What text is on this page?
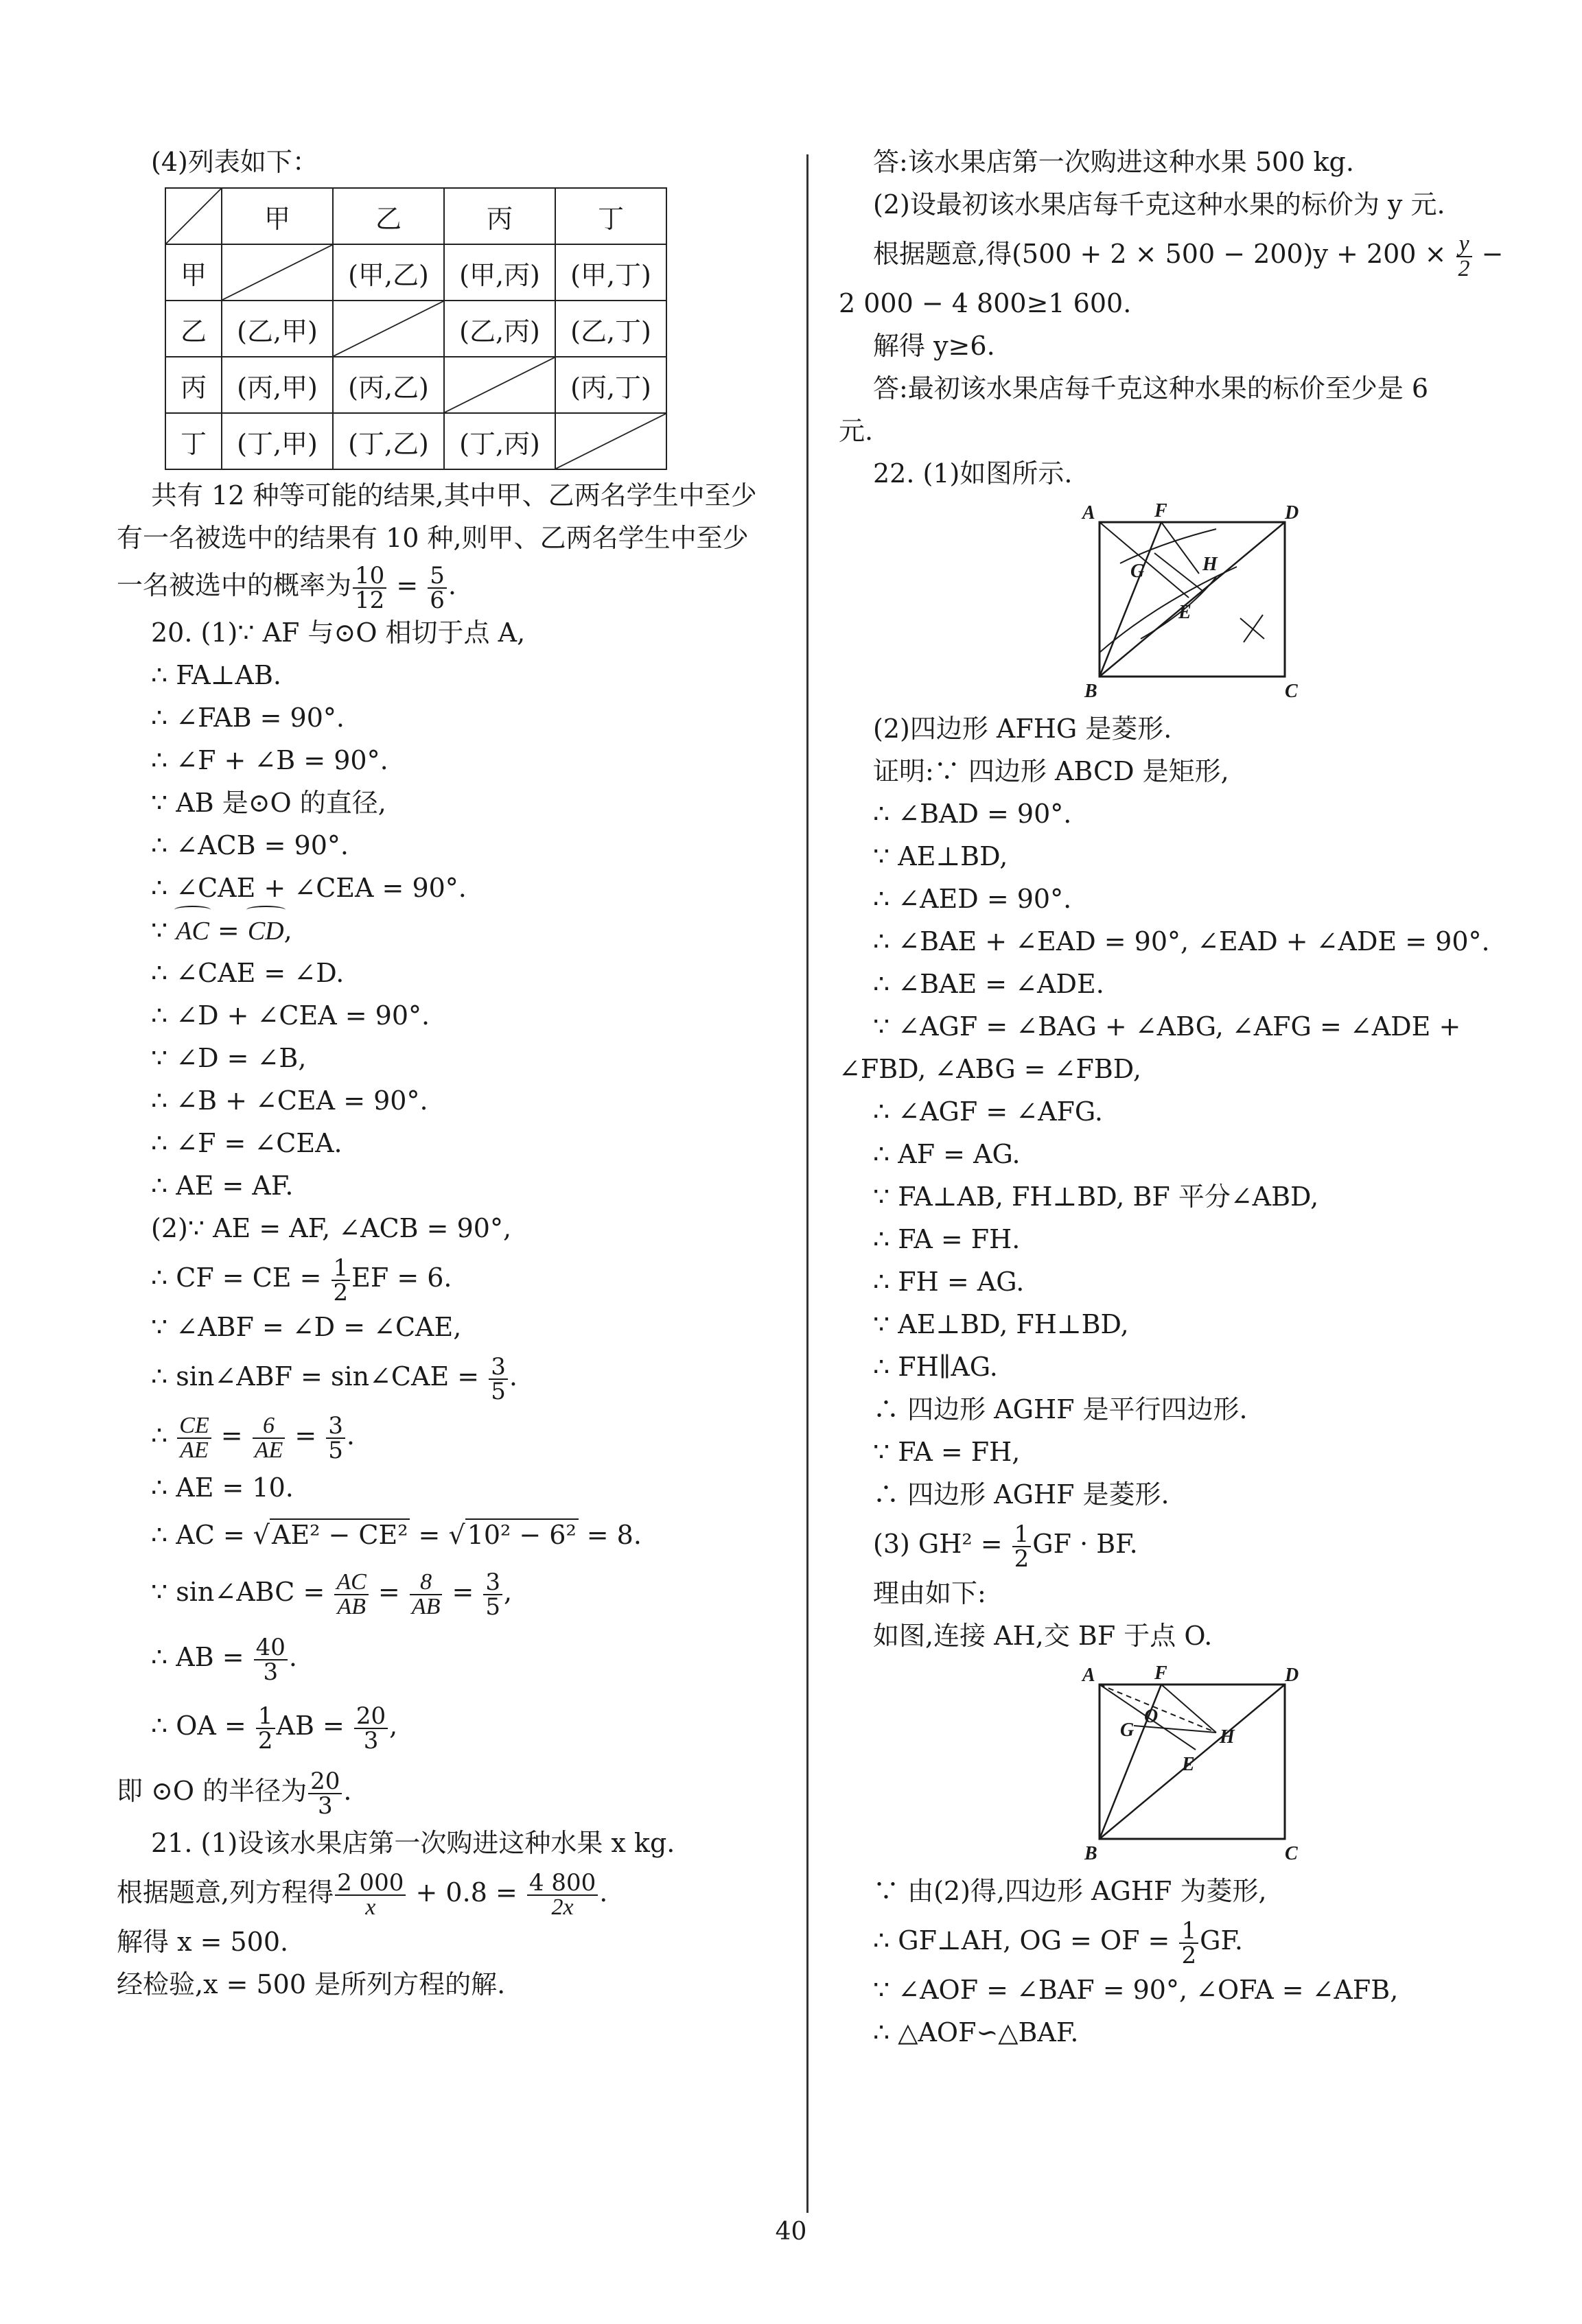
(4)列表如下：
	甲	乙	丙	丁
甲		(甲,乙)	(甲,丙)	(甲,丁)
乙	(乙,甲)		(乙,丙)	(乙,丁)
丙	(丙,甲)	(丙,乙)		(丙,丁)
丁	(丁,甲)	(丁,乙)	(丁,丙)	
共有 12 种等可能的结果,其中甲、乙两名学生中至少
有一名被选中的结果有 10 种,则甲、乙两名学生中至少
一名被选中的概率为 $\frac{10}{12} = \frac{5}{6}$ .
20. (1)∵ AF 与⊙O 相切于点 A,
∴ FA⊥AB.
∴ ∠FAB = 90°.
∴ ∠F + ∠B = 90°.
∵ AB 是⊙O 的直径,
∴ ∠ACB = 90°.
∴ ∠CAE + ∠CEA = 90°.
∵ AC = CD,
∴ ∠CAE = ∠D.
∴ ∠D + ∠CEA = 90°.
∵ ∠D = ∠B,
∴ ∠B + ∠CEA = 90°.
∴ ∠F = ∠CEA.
∴ AE = AF.
(2)∵ AE = AF, ∠ACB = 90°,
∴ CF = CE = $\frac{1}{2}$ EF = 6.
∵ ∠ABF = ∠D = ∠CAE,
∴ sin∠ABF = sin∠CAE = $\frac{3}{5}$ .
∴ $\frac{CE}{AE} = \frac{6}{AE} = \frac{3}{5}$ .
∴ AE = 10.
∴ AC = √AE² − CE² = √10² − 6² = 8.
∵ sin∠ABC = $\frac{AC}{AB} = \frac{8}{AB} = \frac{3}{5}$ ,
∴ AB = $\frac{40}{3}$ .
∴ OA = $\frac{1}{2}$ AB = $\frac{20}{3}$ ,
即 ⊙O 的半径为 $\frac{20}{3}$ .
21. (1)设该水果店第一次购进这种水果 x kg.
根据题意,列方程得 $\frac{2 000}{x} + 0.8 = \frac{4 800}{2x}$ .
解得 x = 500.
经检验,x = 500 是所列方程的解.
答:该水果店第一次购进这种水果 500 kg.
(2)设最初该水果店每千克这种水果的标价为 y 元.
根据题意,得$(500 + 2 \times 500 - 200)y + 200 \times \frac{y}{2}$ −
2 000 − 4 800≥1 600.
解得 y≥6.
答:最初该水果店每千克这种水果的标价至少是 6
元.
22. (1)如图所示.
A	F	D
G	H
E
B	C
(2)四边形 AFHG 是菱形.
证明:∵ 四边形 ABCD 是矩形,
∴ ∠BAD = 90°.
∵ AE⊥BD,
∴ ∠AED = 90°.
∴ ∠BAE + ∠EAD = 90°, ∠EAD + ∠ADE = 90°.
∴ ∠BAE = ∠ADE.
∵ ∠AGF = ∠BAG + ∠ABG, ∠AFG = ∠ADE +
∠FBD, ∠ABG = ∠FBD,
∴ ∠AGF = ∠AFG.
∴ AF = AG.
∵ FA⊥AB, FH⊥BD, BF 平分∠ABD,
∴ FA = FH.
∴ FH = AG.
∵ AE⊥BD, FH⊥BD,
∴ FH∥AG.
∴ 四边形 AGHF 是平行四边形.
∵ FA = FH,
∴ 四边形 AGHF 是菱形.
(3) $GH^2 = \frac{1}{2}$ GF · BF.
理由如下:
如图,连接 AH,交 BF 于点 O.
A	F	D
G
O
H
E
B	C
∵ 由(2)得,四边形 AGHF 为菱形,
∴ GF⊥AH, OG = OF = $\frac{1}{2}$ GF.
∵ ∠AOF = ∠BAF = 90°, ∠OFA = ∠AFB,
∴ △AOF∽△BAF.
40
